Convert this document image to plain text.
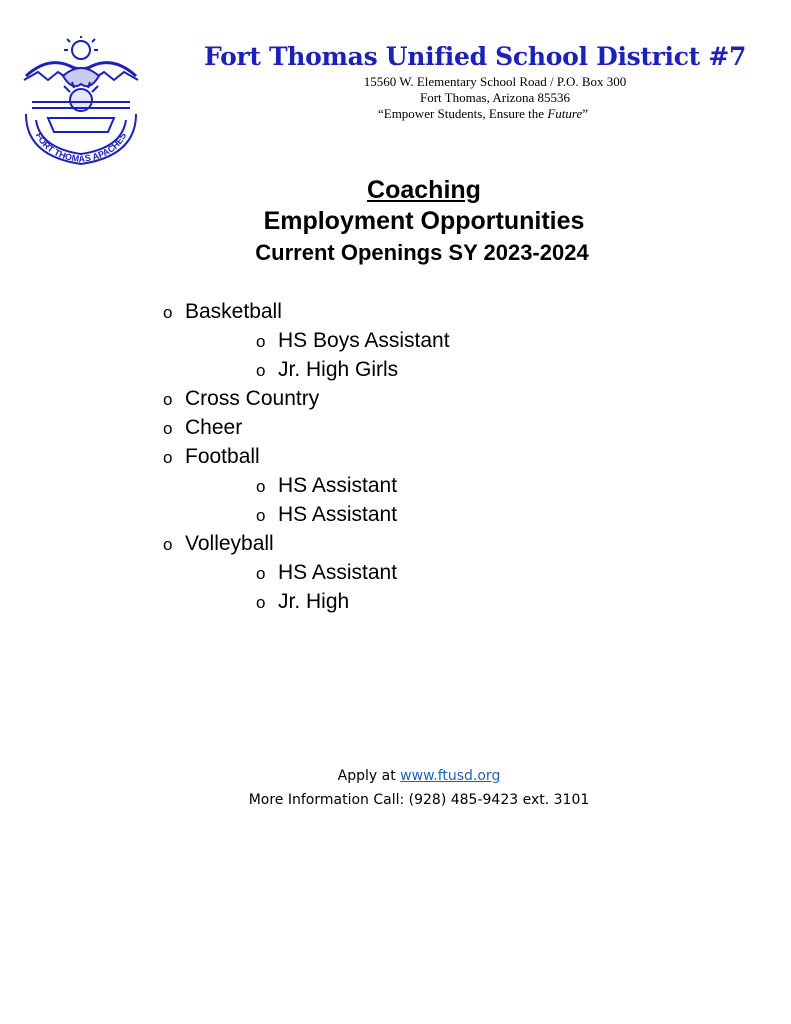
FORT THOMAS APACHES
Fort Thomas Unified School District #7
15560 W. Elementary School Road / P.O. Box 300
Fort Thomas, Arizona 85536
“Empower Students, Ensure the Future”
Coaching
Employment Opportunities
Current Openings SY 2023-2024
o Basketball
o HS Boys Assistant
o Jr. High Girls
o Cross Country
o Cheer
o Football
o HS Assistant
o HS Assistant
o Volleyball
o HS Assistant
o Jr. High
Apply at www.ftusd.org
More Information Call: (928) 485-9423 ext. 3101
